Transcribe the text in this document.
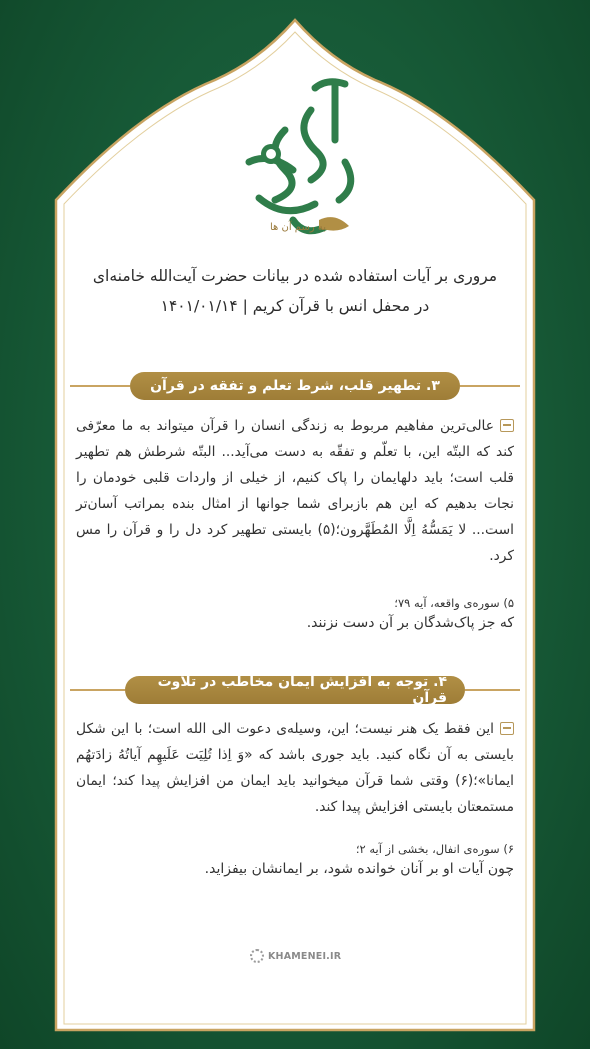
به رسم آن ها
مروری بر آیات استفاده شده در بیانات حضرت آیت‌الله خامنه‌ای
در محفل انس با قرآن کریم | ۱۴۰۱/۰۱/۱۴
۳. تطهیر قلب، شرط تعلم و تفقه در قرآن
عالی‌ترین مفاهیم مربوط به زندگی انسان را قرآن میتواند به ما معرّفی کند که البتّه این، با تعلّم و تفقّه به دست می‌آید... البتّه شرطش هم تطهیر قلب است؛ باید دلهایمان را پاک کنیم، از خیلی از واردات قلبی خودمان را نجات بدهیم که این هم بازبرای شما جوانها از امثال بنده بمراتب آسان‌تر است... لا یَمَسُّهُ اِلَّا المُطَهَّرون؛(۵) بایستی تطهیر کرد دل را و قرآن را مس کرد.
۵) سوره‌ی واقعه، آیه ۷۹؛
که جز پاک‌شدگان بر آن دست نزنند.
۴. توجه به افزایش ایمان مخاطب در تلاوت قرآن
این فقط یک هنر نیست؛ این، وسیله‌ی دعوت الی الله است؛ با این شکل بایستی به آن نگاه کنید. باید جوری باشد که «وَ اِذا تُلِیَت عَلَیهِم آیاتُهُ زادَتهُم ایمانا»؛(۶) وقتی شما قرآن میخوانید باید ایمان من افزایش پیدا کند؛ ایمان مستمعتان بایستی افزایش پیدا کند.
۶) سوره‌ی انفال، بخشی از آیه ۲؛
چون آیات او بر آنان خوانده شود، بر ایمانشان بیفزاید.
KHAMENEI.IR
